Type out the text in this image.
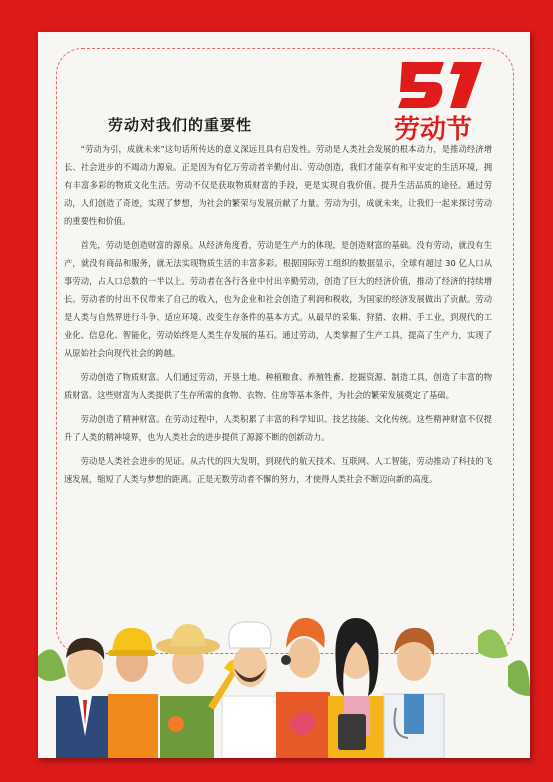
劳动节
劳动对我们的重要性

“劳动为引，成就未来”这句话所传达的意义深远且具有启发性。劳动是人类社会发展的根本动力，是推动经济增长、社会进步的不竭动力源泉。正是因为有亿万劳动者辛勤付出、劳动创造，我们才能享有和平安定的生活环境，拥有丰富多彩的物质文化生活。劳动不仅是获取物质财富的手段，更是实现自我价值、提升生活品质的途径。通过劳动，人们创造了奇迹，实现了梦想，为社会的繁荣与发展贡献了力量。劳动为引，成就未来，让我们一起来探讨劳动的重要性和价值。

首先，劳动是创造财富的源泉。从经济角度看，劳动是生产力的体现，是创造财富的基础。没有劳动，就没有生产，就没有商品和服务，就无法实现物质生活的丰富多彩。根据国际劳工组织的数据显示，全球有超过 30 亿人口从事劳动，占人口总数的一半以上。劳动者在各行各业中付出辛勤劳动，创造了巨大的经济价值，推动了经济的持续增长。劳动者的付出不仅带来了自己的收入，也为企业和社会创造了利润和税收，为国家的经济发展做出了贡献。劳动是人类与自然界进行斗争、适应环境、改变生存条件的基本方式。从最早的采集、狩猎、农耕、手工业，到现代的工业化、信息化、智能化，劳动始终是人类生存发展的基石。通过劳动，人类掌握了生产工具，提高了生产力，实现了从原始社会向现代社会的跨越。

劳动创造了物质财富。人们通过劳动，开垦土地、种植粮食、养殖牲畜、挖掘资源、制造工具，创造了丰富的物质财富。这些财富为人类提供了生存所需的食物、衣物、住房等基本条件，为社会的繁荣发展奠定了基础。

劳动创造了精神财富。在劳动过程中，人类积累了丰富的科学知识、技艺技能、文化传统。这些精神财富不仅提升了人类的精神境界，也为人类社会的进步提供了源源不断的创新动力。

劳动是人类社会进步的见证。从古代的四大发明，到现代的航天技术、互联网、人工智能，劳动推动了科技的飞速发展，缩短了人类与梦想的距离。正是无数劳动者不懈的努力，才使得人类社会不断迈向新的高度。
